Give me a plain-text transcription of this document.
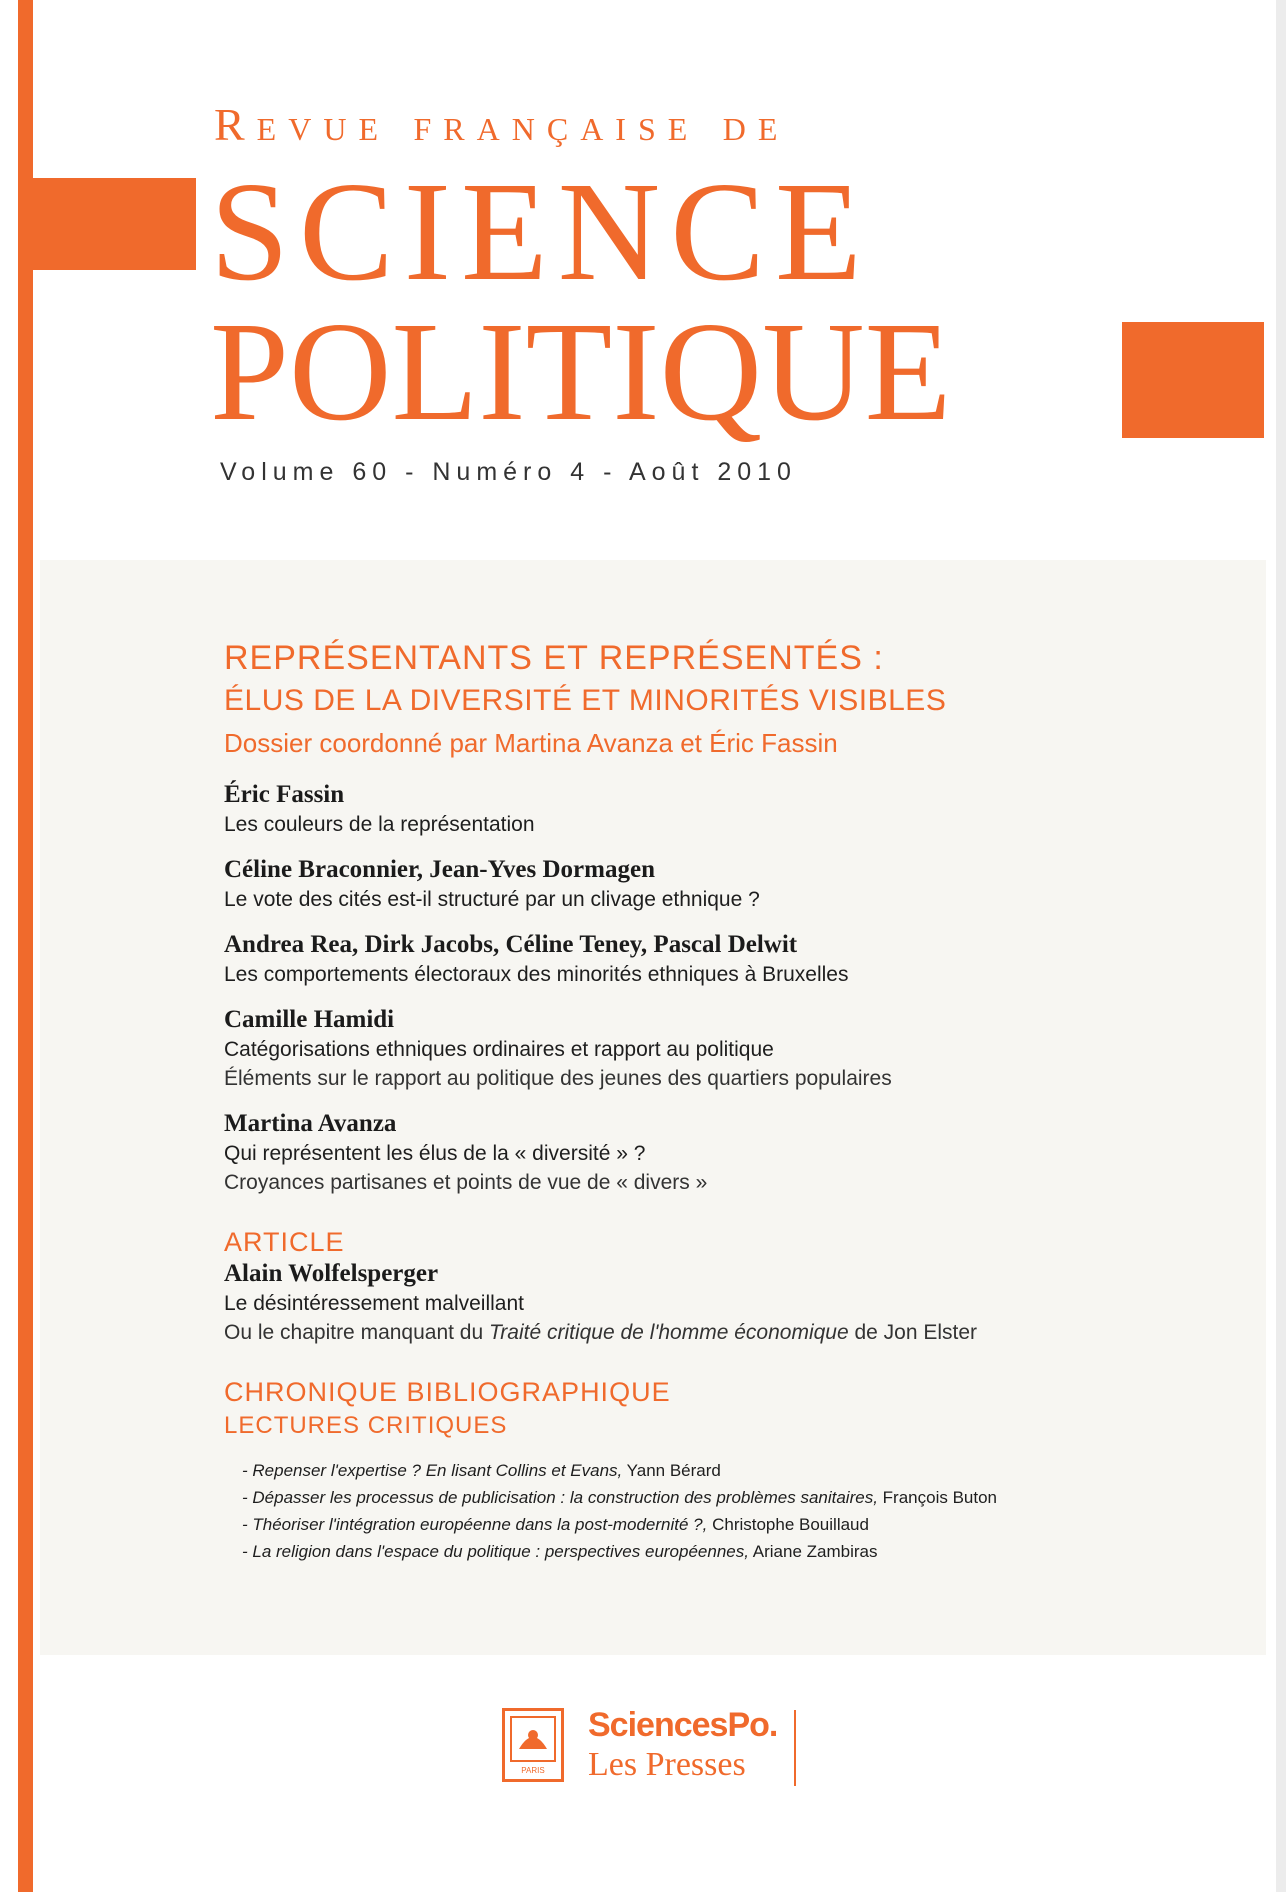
Revue française de
SCIENCE
POLITIQUE
Volume 60 - Numéro 4 - Août 2010
REPRÉSENTANTS ET REPRÉSENTÉS :
ÉLUS DE LA DIVERSITÉ ET MINORITÉS VISIBLES
Dossier coordonné par Martina Avanza et Éric Fassin
Éric Fassin
Les couleurs de la représentation
Céline Braconnier, Jean-Yves Dormagen
Le vote des cités est-il structuré par un clivage ethnique ?
Andrea Rea, Dirk Jacobs, Céline Teney, Pascal Delwit
Les comportements électoraux des minorités ethniques à Bruxelles
Camille Hamidi
Catégorisations ethniques ordinaires et rapport au politique
Éléments sur le rapport au politique des jeunes des quartiers populaires
Martina Avanza
Qui représentent les élus de la « diversité » ?
Croyances partisanes et points de vue de « divers »
ARTICLE
Alain Wolfelsperger
Le désintéressement malveillant
Ou le chapitre manquant du Traité critique de l'homme économique de Jon Elster
CHRONIQUE BIBLIOGRAPHIQUE
LECTURES CRITIQUES
- Repenser l'expertise ? En lisant Collins et Evans, Yann Bérard
- Dépasser les processus de publicisation : la construction des problèmes sanitaires, François Buton
- Théoriser l'intégration européenne dans la post-modernité ?, Christophe Bouillaud
- La religion dans l'espace du politique : perspectives européennes, Ariane Zambiras
PARIS
SciencesPo.
Les Presses
